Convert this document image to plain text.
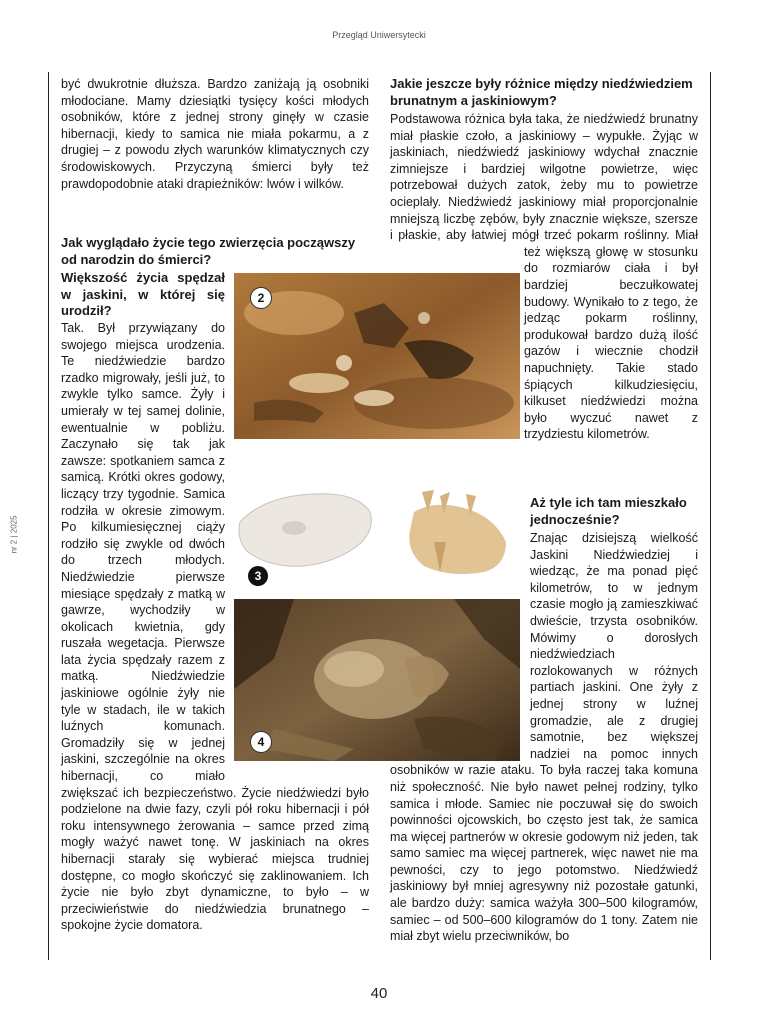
Przegląd Uniwersytecki
nr 2 | 2025

być dwukrotnie dłuższa. Bardzo zaniżają ją osobniki młodociane. Mamy dziesiątki tysięcy kości młodych osobników, które z jednej strony ginęły w czasie hibernacji, kiedy to samica nie miała pokarmu, a z drugiej – z powodu złych warunków klimatycznych czy środowiskowych. Przyczyną śmierci były też prawdopodobnie ataki drapieżników: lwów i wilków.

Jak wyglądało życie tego zwierzęcia począwszy od narodzin do śmierci?

Większość życia spędzał w jaskini, w której się urodził?

Tak. Był przywiązany do swojego miejsca urodzenia. Te niedźwiedzie bardzo rzadko migrowały, jeśli już, to zwykle tylko samce. Żyły i umierały w tej samej dolinie, ewentualnie w pobliżu. Zaczynało się tak jak zawsze: spotkaniem samca z samicą. Krótki okres godowy, liczący trzy tygodnie. Samica rodziła w okresie zimowym. Po kilkumiesięcznej ciąży rodziło się zwykle od dwóch do trzech młodych. Niedźwiedzie pierwsze miesiące spędzały z matką w gawrze, wychodziły w okolicach kwietnia, gdy ruszała wegetacja. Pierwsze lata życia spędzały razem z matką. Niedźwiedzie jaskiniowe ogólnie żyły nie tyle w stadach, ile w takich luźnych komunach. Gromadziły się w jednej jaskini, szczególnie na okres hibernacji, co miało zwiększać ich bezpieczeństwo. Życie niedźwiedzi było podzielone na dwie fazy, czyli pół roku hibernacji i pół roku intensywnego żerowania – samce przed zimą mogły ważyć nawet tonę. W jaskiniach na okres hibernacji starały się wybierać miejsca trudniej dostępne, co mogło skończyć się zaklinowaniem. Ich życie nie było zbyt dynamiczne, to było – w przeciwieństwie do niedźwiedzia brunatnego – spokojne życie domatora.

2
3
4

Jakie jeszcze były różnice między niedźwiedziem brunatnym a jaskiniowym?

Podstawowa różnica była taka, że niedźwiedź brunatny miał płaskie czoło, a jaskiniowy – wypukłe. Żyjąc w jaskiniach, niedźwiedź jaskiniowy wdychał znacznie zimniejsze i bardziej wilgotne powietrze, więc potrzebował dużych zatok, żeby mu to powietrze ocieplały. Niedźwiedź jaskiniowy miał proporcjonalnie mniejszą liczbę zębów, były znacznie większe, szersze i płaskie, aby łatwiej mógł trzeć pokarm roślinny. Miał też większą głowę w stosunku do rozmiarów ciała i był bardziej beczułkowatej budowy. Wynikało to z tego, że jedząc pokarm roślinny, produkował bardzo dużą ilość gazów i wiecznie chodził napuchnięty. Takie stado śpiących kilkudziesięciu, kilkuset niedźwiedzi można było wyczuć nawet z trzydziestu kilometrów.

Aż tyle ich tam mieszkało jednocześnie?

Znając dzisiejszą wielkość Jaskini Niedźwiedziej i wiedząc, że ma ponad pięć kilometrów, to w jednym czasie mogło ją zamieszkiwać dwieście, trzysta osobników. Mówimy o dorosłych niedźwiedziach rozlokowanych w różnych partiach jaskini. One żyły z jednej strony w luźnej gromadzie, ale z drugiej samotnie, bez większej nadziei na pomoc innych osobników w razie ataku. To była raczej taka komuna niż społeczność. Nie było nawet pełnej rodziny, tylko samica i młode. Samiec nie poczuwał się do swoich powinności ojcowskich, bo często jest tak, że samica ma więcej partnerów w okresie godowym niż jeden, tak samo samiec ma więcej partnerek, więc nawet nie ma pewności, czy to jego potomstwo. Niedźwiedź jaskiniowy był mniej agresywny niż pozostałe gatunki, ale bardzo duży: samica ważyła 300–500 kilogramów, samiec – od 500–600 kilogramów do 1 tony. Zatem nie miał zbyt wielu przeciwników, bo

40
